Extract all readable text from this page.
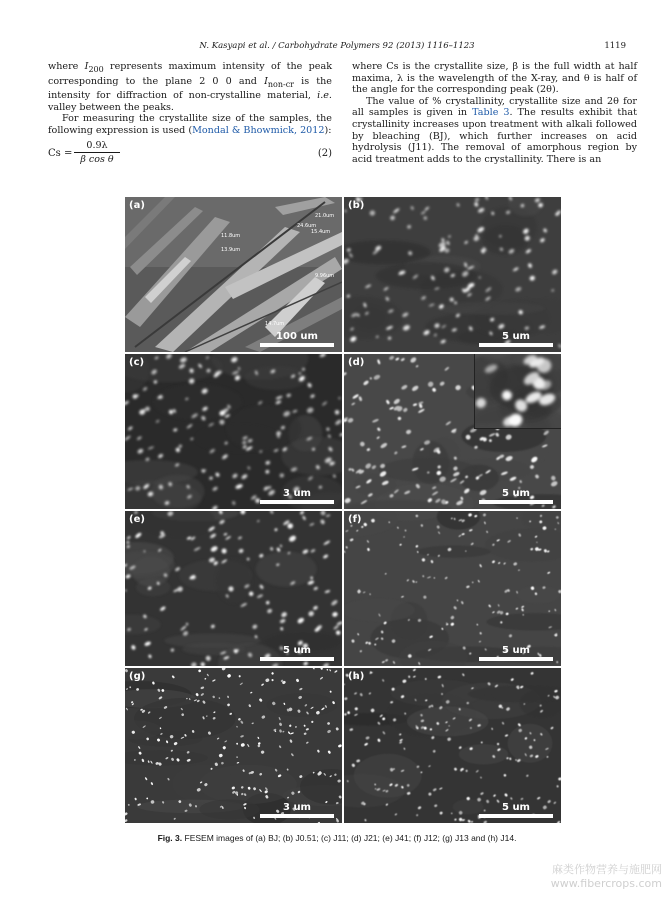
N. Kasyapi et al. / Carbohydrate Polymers 92 (2013) 1116–1123	1119

where $I_{200}$ represents maximum intensity of the peak corresponding to the plane 2 0 0 and $I_{non-cr}$ is the intensity for diffraction of non-crystalline material, i.e. valley between the peaks.

For measuring the crystallite size of the samples, the following expression is used (Mondal & Bhowmick, 2012):

$Cs = \frac{0.9\lambda}{\text{β cos θ}}$	(2)

where Cs is the crystallite size, β is the full width at half maxima, λ is the wavelength of the X-ray, and θ is half of the angle for the corresponding peak (2θ).

The value of % crystallinity, crystallite size and 2θ for all samples is given in Table 3. The results exhibit that crystallinity increases upon treatment with alkali followed by bleaching (BJ), which further increases on acid hydrolysis (J11). The removal of amorphous region by acid treatment adds to the crystallinity. There is an

21.0um
24.6um
15.4um
11.8um
13.9um
14.7um
9.96um
(a)
100 um
(b)
5 um
(c)
3 um
(d)
5 um
(e)
5 um
(f)
5 um
(g)
3 um
(h)
5 um
Fig. 3. FESEM images of (a) BJ; (b) J0.51; (c) J11; (d) J21; (e) J41; (f) J12; (g) J13 and (h) J14.
麻类作物营养与施肥网
www.fibercrops.com
